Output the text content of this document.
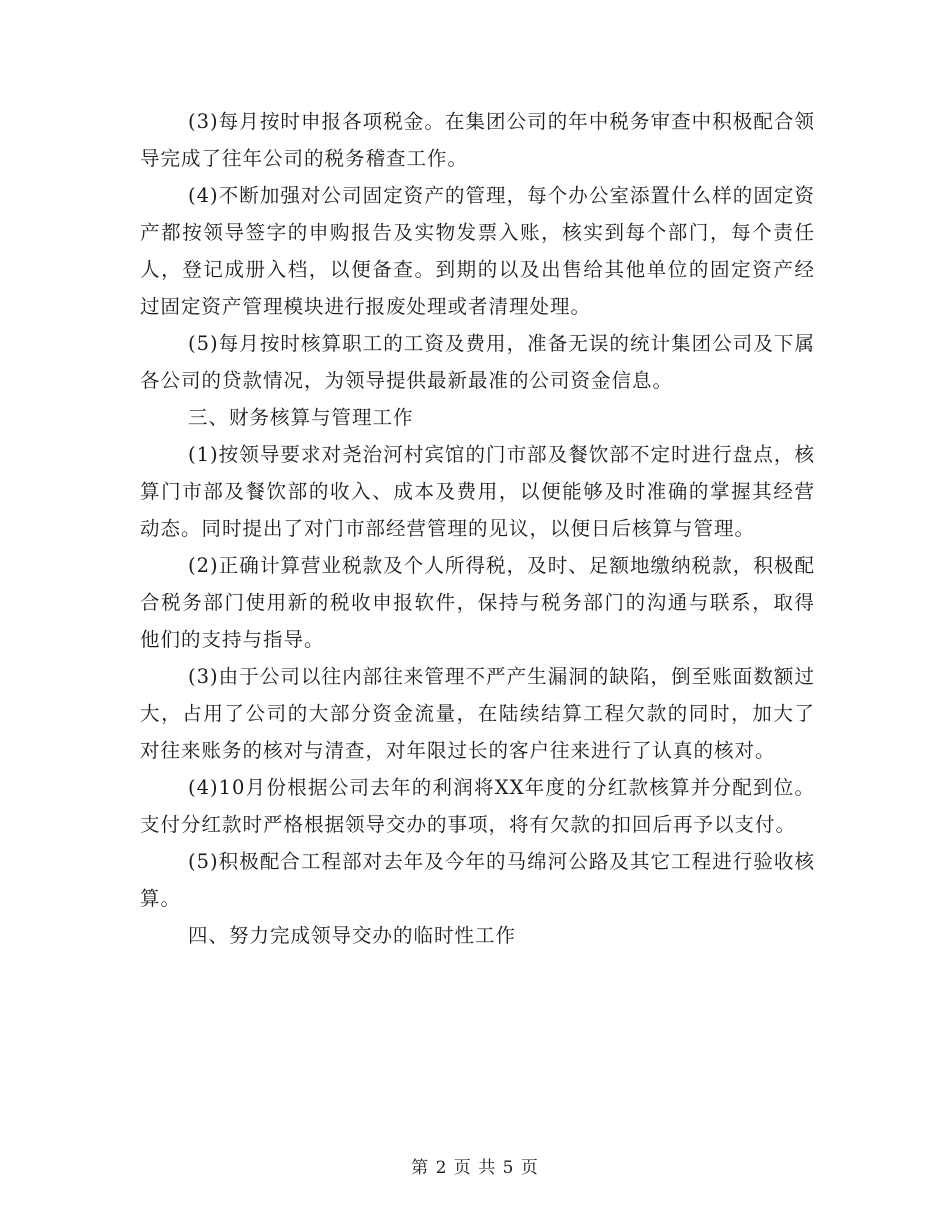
(3)每月按时申报各项税金。在集团公司的年中税务审查中积极配合领导完成了往年公司的税务稽查工作。

(4)不断加强对公司固定资产的管理，每个办公室添置什么样的固定资产都按领导签字的申购报告及实物发票入账，核实到每个部门，每个责任人，登记成册入档，以便备查。到期的以及出售给其他单位的固定资产经过固定资产管理模块进行报废处理或者清理处理。

(5)每月按时核算职工的工资及费用，准备无误的统计集团公司及下属各公司的贷款情况，为领导提供最新最准的公司资金信息。

三、财务核算与管理工作

(1)按领导要求对尧治河村宾馆的门市部及餐饮部不定时进行盘点，核算门市部及餐饮部的收入、成本及费用，以便能够及时准确的掌握其经营动态。同时提出了对门市部经营管理的见议，以便日后核算与管理。

(2)正确计算营业税款及个人所得税，及时、足额地缴纳税款，积极配合税务部门使用新的税收申报软件，保持与税务部门的沟通与联系，取得他们的支持与指导。

(3)由于公司以往内部往来管理不严产生漏洞的缺陷，倒至账面数额过大，占用了公司的大部分资金流量，在陆续结算工程欠款的同时，加大了对往来账务的核对与清查，对年限过长的客户往来进行了认真的核对。

(4)10月份根据公司去年的利润将XX年度的分红款核算并分配到位。支付分红款时严格根据领导交办的事项，将有欠款的扣回后再予以支付。

(5)积极配合工程部对去年及今年的马绵河公路及其它工程进行验收核算。

四、努力完成领导交办的临时性工作

第 2 页 共 5 页
